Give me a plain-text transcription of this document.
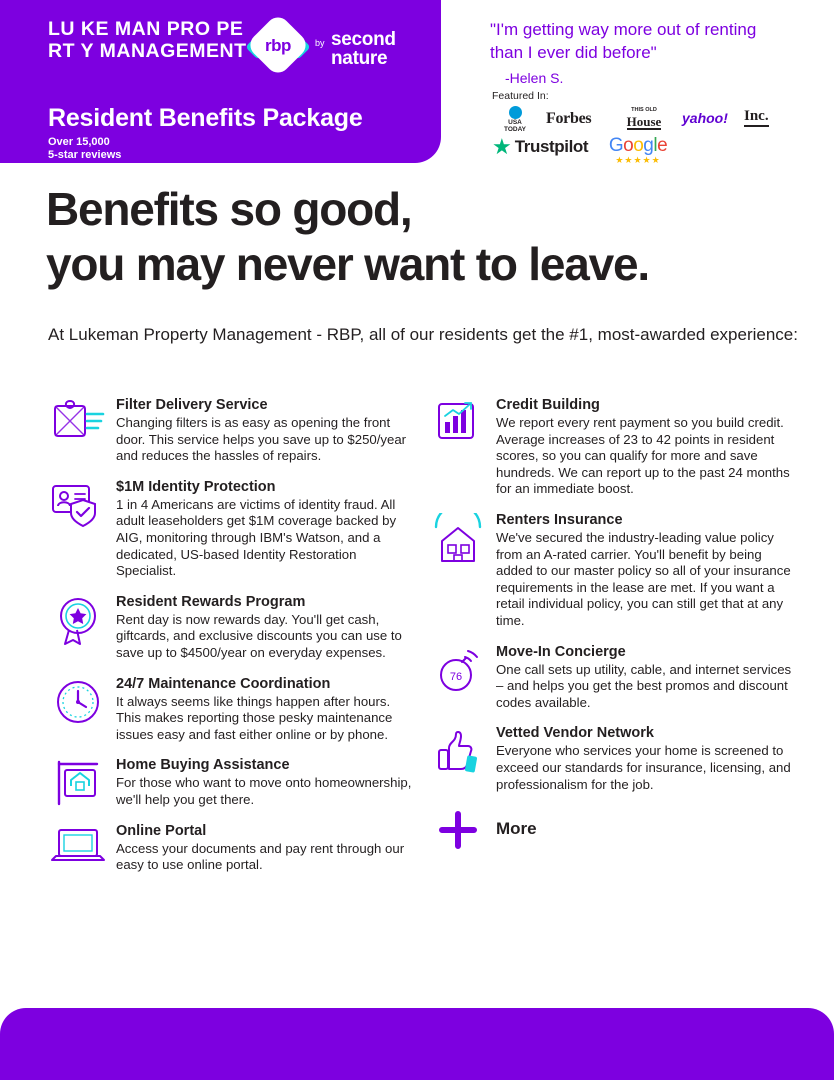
LU KE MAN PRO PE RT Y MANAGEMENT	rbp	by second
nature
Resident Benefits Package
Over 15,000
5-star reviews
"I'm getting way more out of renting than I ever did before"
-Helen S.
Featured In:
USA
TODAY
Forbes	THIS OLD
House	yahoo! Inc.
★ Trustpilot	Google
★★★★★
Benefits so good,
you may never want to leave.
At Lukeman Property Management - RBP, all of our residents get the #1, most-awarded experience:
Filter Delivery Service
Changing filters is as easy as opening the front door. This service helps you save up to $250/year and reduces the hassles of repairs.
$1M Identity Protection
1 in 4 Americans are victims of identity fraud. All adult leaseholders get $1M coverage backed by AIG, monitoring through IBM's Watson, and a dedicated, US-based Identity Restoration Specialist.
Resident Rewards Program
Rent day is now rewards day. You'll get cash, giftcards, and exclusive discounts you can use to save up to $4500/year on everyday expenses.
24/7 Maintenance Coordination
It always seems like things happen after hours. This makes reporting those pesky maintenance issues easy and fast either online or by phone.
Home Buying Assistance
For those who want to move onto homeownership, we'll help you get there.
Online Portal
Access your documents and pay rent through our easy to use online portal.
Credit Building
We report every rent payment so you build credit. Average increases of 23 to 42 points in resident scores, so you can qualify for more and save hundreds. We can report up to the past 24 months for an immediate boost.
Renters Insurance
We've secured the industry-leading value policy from an A-rated carrier. You'll benefit by being added to our master policy so all of your insurance requirements in the lease are met. If you want a retail individual policy, you can still get that at any time.
76
Move-In Concierge
One call sets up utility, cable, and internet services – and helps you get the best promos and discount codes available.
Vetted Vendor Network
Everyone who services your home is screened to exceed our standards for insurance, licensing, and professionalism for the job.
More
